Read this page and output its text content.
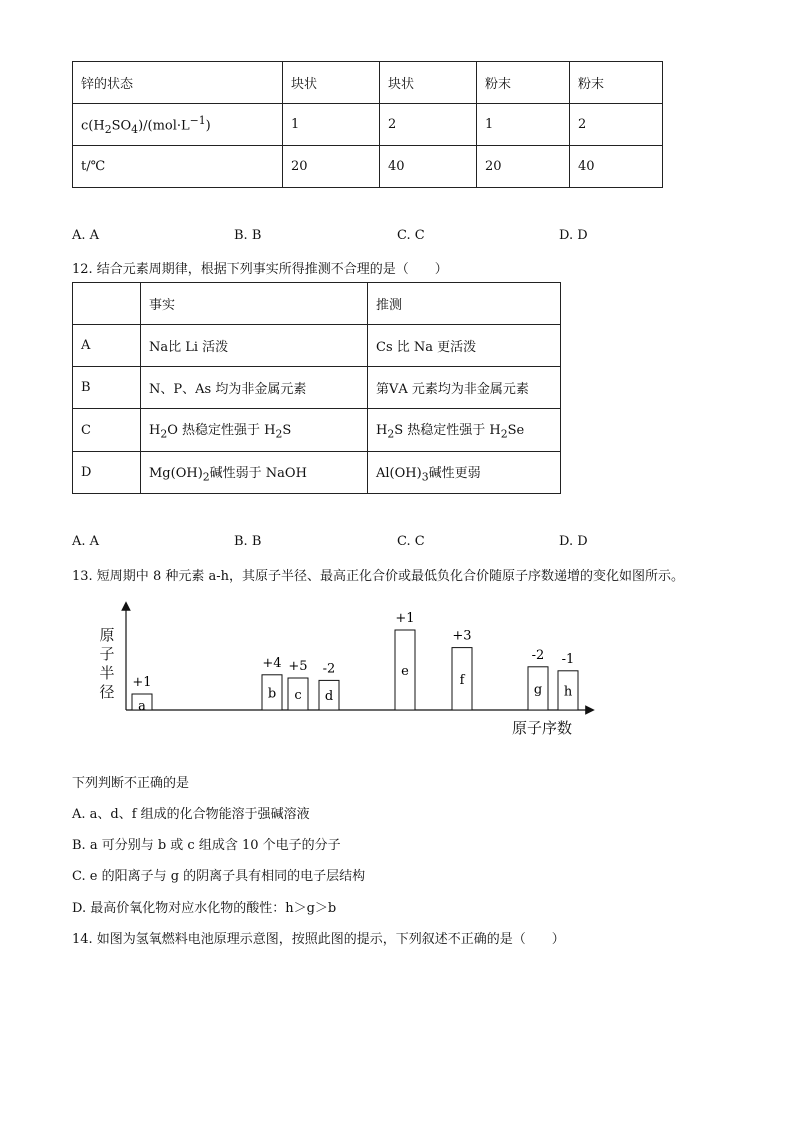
锌的状态	块状	块状	粉末	粉末
$c(H_2SO_4)/(mol\cdot L^{-1})$	1	2	1	2
t/℃	20	40	20	40
A. A	B. B	C. C	D. D
12. 结合元素周期律，根据下列事实所得推测不合理的是（　　）
	事实	推测
A	Na比 Li 活泼	Cs 比 Na 更活泼
B	N、P、As 均为非金属元素	第ⅤA 元素均为非金属元素
C	$H_2O$ 热稳定性强于 $H_2S$	$H_2S$ 热稳定性强于 $H_2Se$
D	$Mg(OH)_2$碱性弱于 NaOH	$Al(OH)_3$碱性更弱
A. A	B. B	C. C	D. D
13. 短周期中 8 种元素 a-h，其原子半径、最高正化合价或最低负化合价随原子序数递增的变化如图所示。
原子半径
原子序数
a
+1
b
+4
c
+5
d
-2	e
+1
f
+3
g
-2
h
-1
下列判断不正确的是
A. a、d、f 组成的化合物能溶于强碱溶液
B. a 可分别与 b 或 c 组成含 10 个电子的分子
C. e 的阳离子与 g 的阴离子具有相同的电子层结构
D. 最高价氧化物对应水化物的酸性：h＞g＞b
14. 如图为氢氧燃料电池原理示意图，按照此图的提示，下列叙述不正确的是（　　）
